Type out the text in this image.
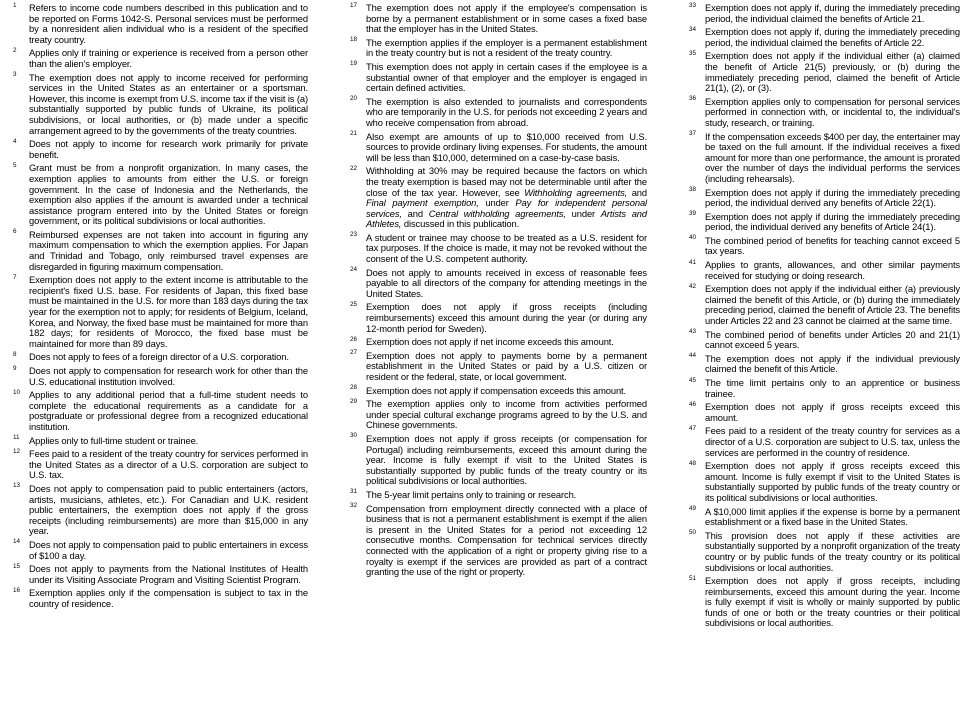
1 Refers to income code numbers described in this publication and to be reported on Forms 1042-S. Personal services must be performed by a nonresident alien individual who is a resident of the specified treaty country.
2 Applies only if training or experience is received from a person other than the alien's employer.
3 The exemption does not apply to income received for performing services in the United States as an entertainer or a sportsman. However, this income is exempt from U.S. income tax if the visit is (a) substantially supported by public funds of Ukraine, its political subdivisions, or local authorities, or (b) made under a specific arrangement agreed to by the governments of the treaty countries.
4 Does not apply to income for research work primarily for private benefit.
5 Grant must be from a nonprofit organization. In many cases, the exemption applies to amounts from either the U.S. or foreign government. In the case of Indonesia and the Netherlands, the exemption also applies if the amount is awarded under a technical assistance program entered into by the United States or foreign government, or its political subdivisions or local authorities.
6 Reimbursed expenses are not taken into account in figuring any maximum compensation to which the exemption applies. For Japan and Trinidad and Tobago, only reimbursed travel expenses are disregarded in figuring maximum compensation.
7 Exemption does not apply to the extent income is attributable to the recipient's fixed U.S. base. For residents of Japan, this fixed base must be maintained in the U.S. for more than 183 days during the tax year for the exemption not to apply; for residents of Belgium, Iceland, Korea, and Norway, the fixed base must be maintained for more than 182 days; for residents of Morocco, the fixed base must be maintained for more than 89 days.
8 Does not apply to fees of a foreign director of a U.S. corporation.
9 Does not apply to compensation for research work for other than the U.S. educational institution involved.
10 Applies to any additional period that a full-time student needs to complete the educational requirements as a candidate for a postgraduate or professional degree from a recognized educational institution.
11 Applies only to full-time student or trainee.
12 Fees paid to a resident of the treaty country for services performed in the United States as a director of a U.S. corporation are subject to U.S. tax.
13 Does not apply to compensation paid to public entertainers (actors, artists, musicians, athletes, etc.). For Canadian and U.K. resident public entertainers, the exemption does not apply if the gross receipts (including reimbursements) are more than $15,000 in any year.
14 Does not apply to compensation paid to public entertainers in excess of $100 a day.
15 Does not apply to payments from the National Institutes of Health under its Visiting Associate Program and Visiting Scientist Program.
16 Exemption applies only if the compensation is subject to tax in the country of residence.
17 The exemption does not apply if the employee's compensation is borne by a permanent establishment or in some cases a fixed base that the employer has in the United States.
18 The exemption applies if the employer is a permanent establishment in the treaty country but is not a resident of the treaty country.
19 This exemption does not apply in certain cases if the employee is a substantial owner of that employer and the employer is engaged in certain defined activities.
20 The exemption is also extended to journalists and correspondents who are temporarily in the U.S. for periods not exceeding 2 years and who receive compensation from abroad.
21 Also exempt are amounts of up to $10,000 received from U.S. sources to provide ordinary living expenses. For students, the amount will be less than $10,000, determined on a case-by-case basis.
22 Withholding at 30% may be required because the factors on which the treaty exemption is based may not be determinable until after the close of the tax year. However, see Withholding agreements, and Final payment exemption, under Pay for independent personal services, and Central withholding agreements, under Artists and Athletes, discussed in this publication.
23 A student or trainee may choose to be treated as a U.S. resident for tax purposes. If the choice is made, it may not be revoked without the consent of the U.S. competent authority.
24 Does not apply to amounts received in excess of reasonable fees payable to all directors of the company for attending meetings in the United States.
25 Exemption does not apply if gross receipts (including reimbursements) exceed this amount during the year (or during any 12-month period for Sweden).
26 Exemption does not apply if net income exceeds this amount.
27 Exemption does not apply to payments borne by a permanent establishment in the United States or paid by a U.S. citizen or resident or the federal, state, or local government.
28 Exemption does not apply if compensation exceeds this amount.
29 The exemption applies only to income from activities performed under special cultural exchange programs agreed to by the U.S. and Chinese governments.
30 Exemption does not apply if gross receipts (or compensation for Portugal) including reimbursements, exceed this amount during the year. Income is fully exempt if visit to the United States is substantially supported by public funds of the treaty country or its political subdivisions or local authorities.
31 The 5-year limit pertains only to training or research.
32 Compensation from employment directly connected with a place of business that is not a permanent establishment is exempt if the alien is present in the United States for a period not exceeding 12 consecutive months. Compensation for technical services directly connected with the application of a right or property giving rise to a royalty is exempt if the services are provided as part of a contract granting the use of the right or property.
33 Exemption does not apply if, during the immediately preceding period, the individual claimed the benefits of Article 21.
34 Exemption does not apply if, during the immediately preceding period, the individual claimed the benefits of Article 22.
35 Exemption does not apply if the individual either (a) claimed the benefit of Article 21(5) previously, or (b) during the immediately preceding period, claimed the benefit of Article 21(1), (2), or (3).
36 Exemption applies only to compensation for personal services performed in connection with, or incidental to, the individual's study, research, or training.
37 If the compensation exceeds $400 per day, the entertainer may be taxed on the full amount. If the individual receives a fixed amount for more than one performance, the amount is prorated over the number of days the individual performs the services (including rehearsals).
38 Exemption does not apply if during the immediately preceding period, the individual derived any benefits of Article 22(1).
39 Exemption does not apply if during the immediately preceding period, the individual derived any benefits of Article 24(1).
40 The combined period of benefits for teaching cannot exceed 5 tax years.
41 Applies to grants, allowances, and other similar payments received for studying or doing research.
42 Exemption does not apply if the individual either (a) previously claimed the benefit of this Article, or (b) during the immediately preceding period, claimed the benefit of Article 23. The benefits under Articles 22 and 23 cannot be claimed at the same time.
43 The combined period of benefits under Articles 20 and 21(1) cannot exceed 5 years.
44 The exemption does not apply if the individual previously claimed the benefit of this Article.
45 The time limit pertains only to an apprentice or business trainee.
46 Exemption does not apply if gross receipts exceed this amount.
47 Fees paid to a resident of the treaty country for services as a director of a U.S. corporation are subject to U.S. tax, unless the services are performed in the country of residence.
48 Exemption does not apply if gross receipts exceed this amount. Income is fully exempt if visit to the United States is substantially supported by public funds of the treaty country or its political subdivisions or local authorities.
49 A $10,000 limit applies if the expense is borne by a permanent establishment or a fixed base in the United States.
50 This provision does not apply if these activities are substantially supported by a nonprofit organization of the treaty country or by public funds of the treaty country or its political subdivisions or local authorities.
51 Exemption does not apply if gross receipts, including reimbursements, exceed this amount during the year. Income is fully exempt if visit is wholly or mainly supported by public funds of one or both or the treaty countries or their political subdivisions or local authorities.
